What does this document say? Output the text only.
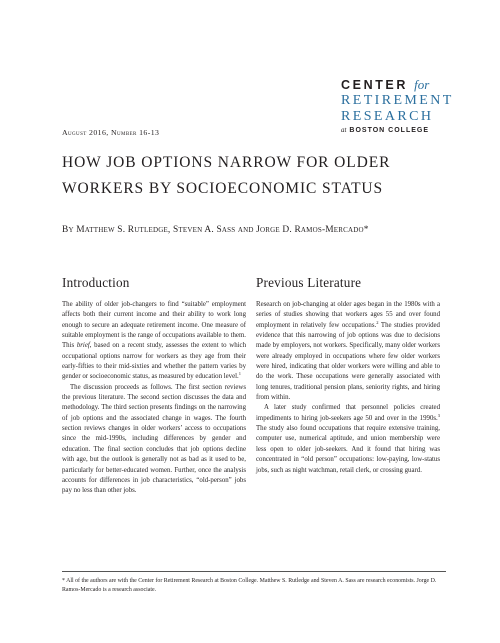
CENTER for
RETIREMENT
RESEARCH
at BOSTON COLLEGE
August 2016, Number 16-13
HOW JOB OPTIONS NARROW FOR OLDER WORKERS BY SOCIOECONOMIC STATUS
By Matthew S. Rutledge, Steven A. Sass and Jorge D. Ramos-Mercado*
Introduction

The ability of older job-changers to find “suitable” employment affects both their current income and their ability to work long enough to secure an adequate retirement income. One measure of suitable employment is the range of occupations available to them. This brief, based on a recent study, assesses the extent to which occupational options narrow for workers as they age from their early-fifties to their mid-sixties and whether the pattern varies by gender or socioeconomic status, as measured by education level.$^1$

The discussion proceeds as follows. The first section reviews the previous literature. The second section discusses the data and methodology. The third section presents findings on the narrowing of job options and the associated change in wages. The fourth section reviews changes in older workers’ access to occupations since the mid-1990s, including differences by gender and education. The final section concludes that job options decline with age, but the outlook is generally not as bad as it used to be, particularly for better-educated women. Further, once the analysis accounts for differences in job characteristics, “old-person” jobs pay no less than other jobs.

Previous Literature

Research on job-changing at older ages began in the 1980s with a series of studies showing that workers ages 55 and over found employment in relatively few occupations.$^2$ The studies provided evidence that this narrowing of job options was due to decisions made by employers, not workers. Specifically, many older workers were already employed in occupations where few older workers were hired, indicating that older workers were willing and able to do the work. These occupations were generally associated with long tenures, traditional pension plans, seniority rights, and hiring from within.

A later study confirmed that personnel policies created impediments to hiring job-seekers age 50 and over in the 1990s.$^3$ The study also found occupations that require extensive training, computer use, numerical aptitude, and union membership were less open to older job-seekers. And it found that hiring was concentrated in “old person” occupations: low-paying, low-status jobs, such as night watchman, retail clerk, or crossing guard.

* All of the authors are with the Center for Retirement Research at Boston College. Matthew S. Rutledge and Steven A. Sass are research economists. Jorge D. Ramos-Mercado is a research associate.
